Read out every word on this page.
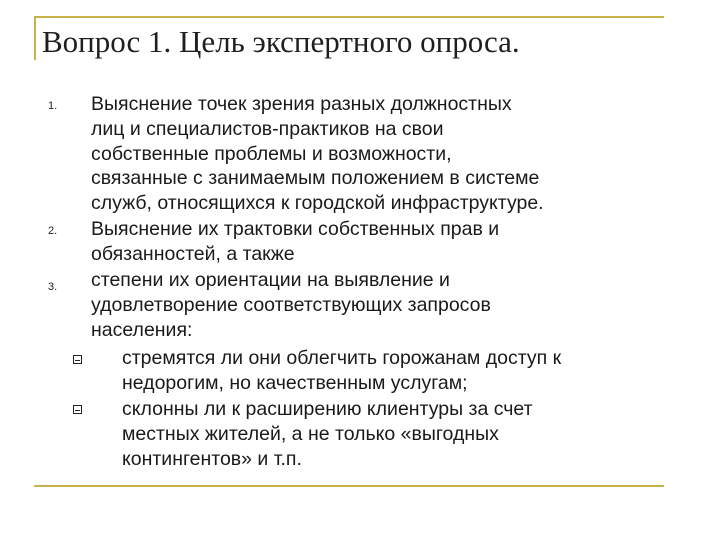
Вопрос 1. Цель экспертного опроса.
1.	Выяснение точек зрения разных должностных
лиц и специалистов-практиков на свои
собственные проблемы и возможности,
связанные с занимаемым положением в системе
служб, относящихся к городской инфраструктуре.
2.	Выяснение их трактовки собственных прав и
обязанностей, а также
3.	степени их ориентации на выявление и
удовлетворение соответствующих запросов
населения:
стремятся ли они облегчить горожанам доступ к
недорогим, но качественным услугам;
склонны ли к расширению клиентуры за счет
местных жителей, а не только «выгодных
контингентов» и т.п.
